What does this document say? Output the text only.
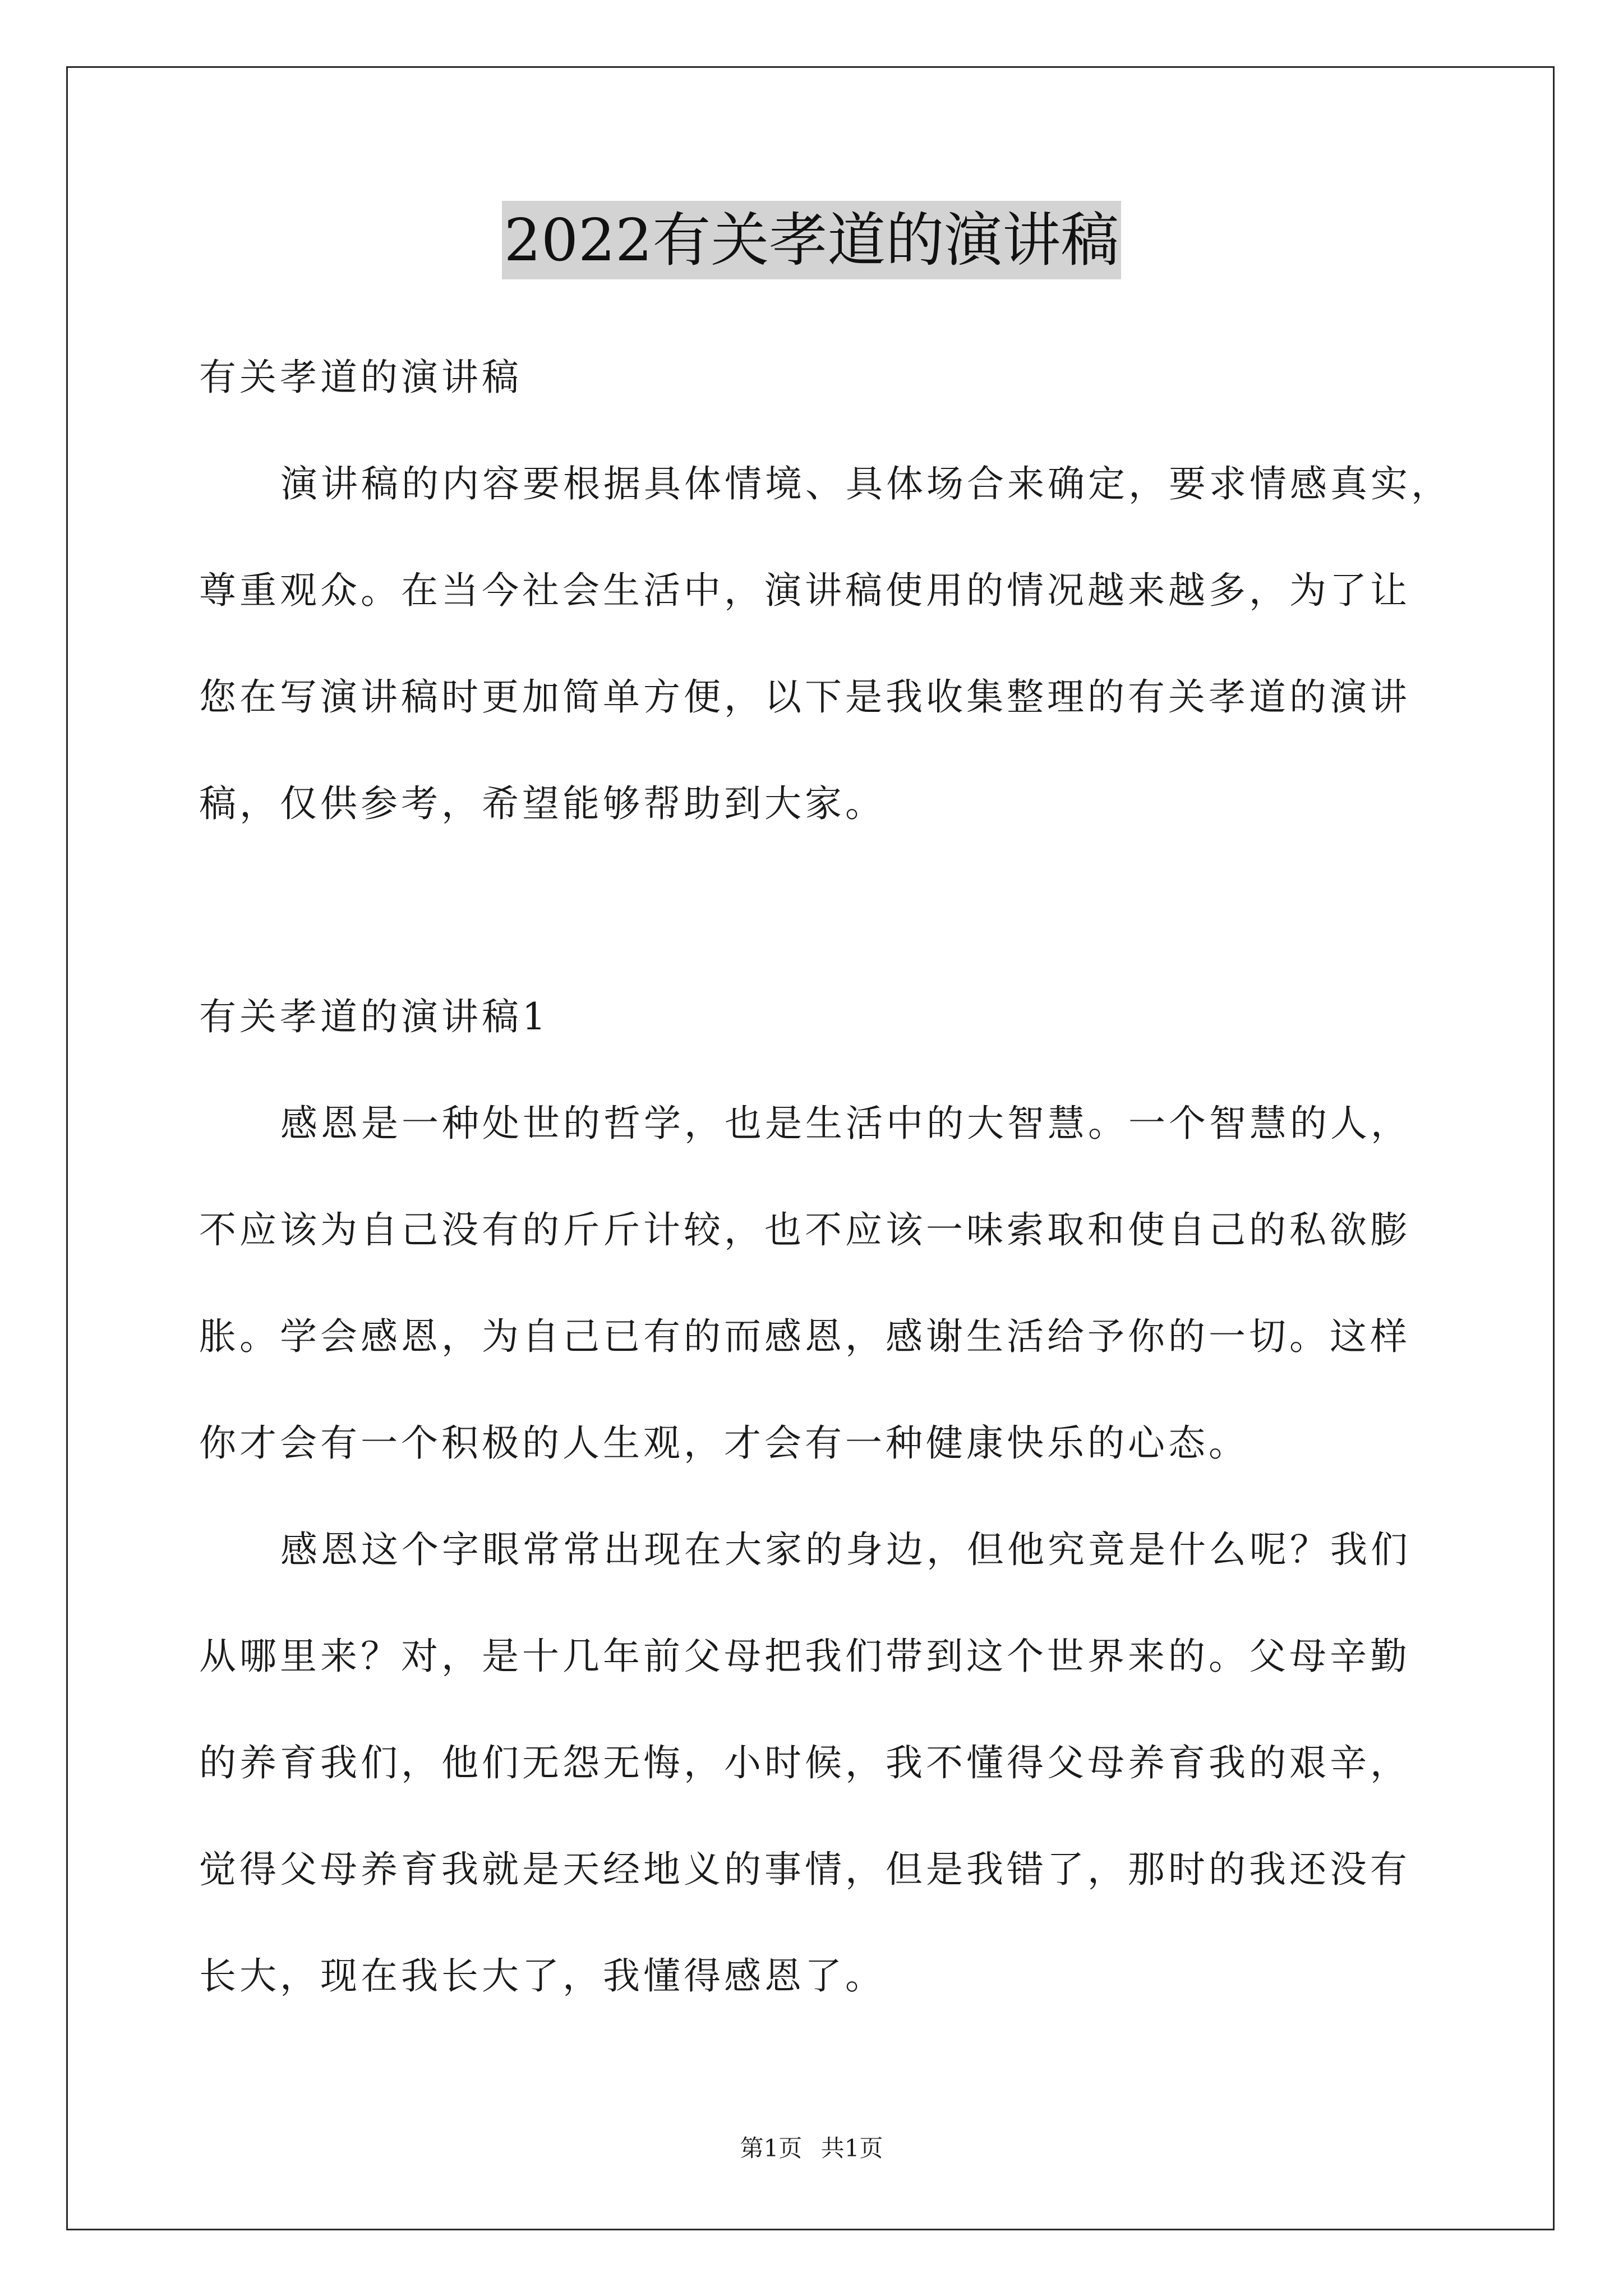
2022有关孝道的演讲稿
有关孝道的演讲稿
演讲稿的内容要根据具体情境、具体场合来确定，要求情感真实，
尊重观众。在当今社会生活中，演讲稿使用的情况越来越多，为了让
您在写演讲稿时更加简单方便，以下是我收集整理的有关孝道的演讲
稿，仅供参考，希望能够帮助到大家。
有关孝道的演讲稿1
感恩是一种处世的哲学，也是生活中的大智慧。一个智慧的人，
不应该为自己没有的斤斤计较，也不应该一味索取和使自己的私欲膨
胀。学会感恩，为自己已有的而感恩，感谢生活给予你的一切。这样
你才会有一个积极的人生观，才会有一种健康快乐的心态。
感恩这个字眼常常出现在大家的身边，但他究竟是什么呢？我们
从哪里来？对，是十几年前父母把我们带到这个世界来的。父母辛勤
的养育我们，他们无怨无悔，小时候，我不懂得父母养育我的艰辛，
觉得父母养育我就是天经地义的事情，但是我错了，那时的我还没有
长大，现在我长大了，我懂得感恩了。
第1页 共1页
